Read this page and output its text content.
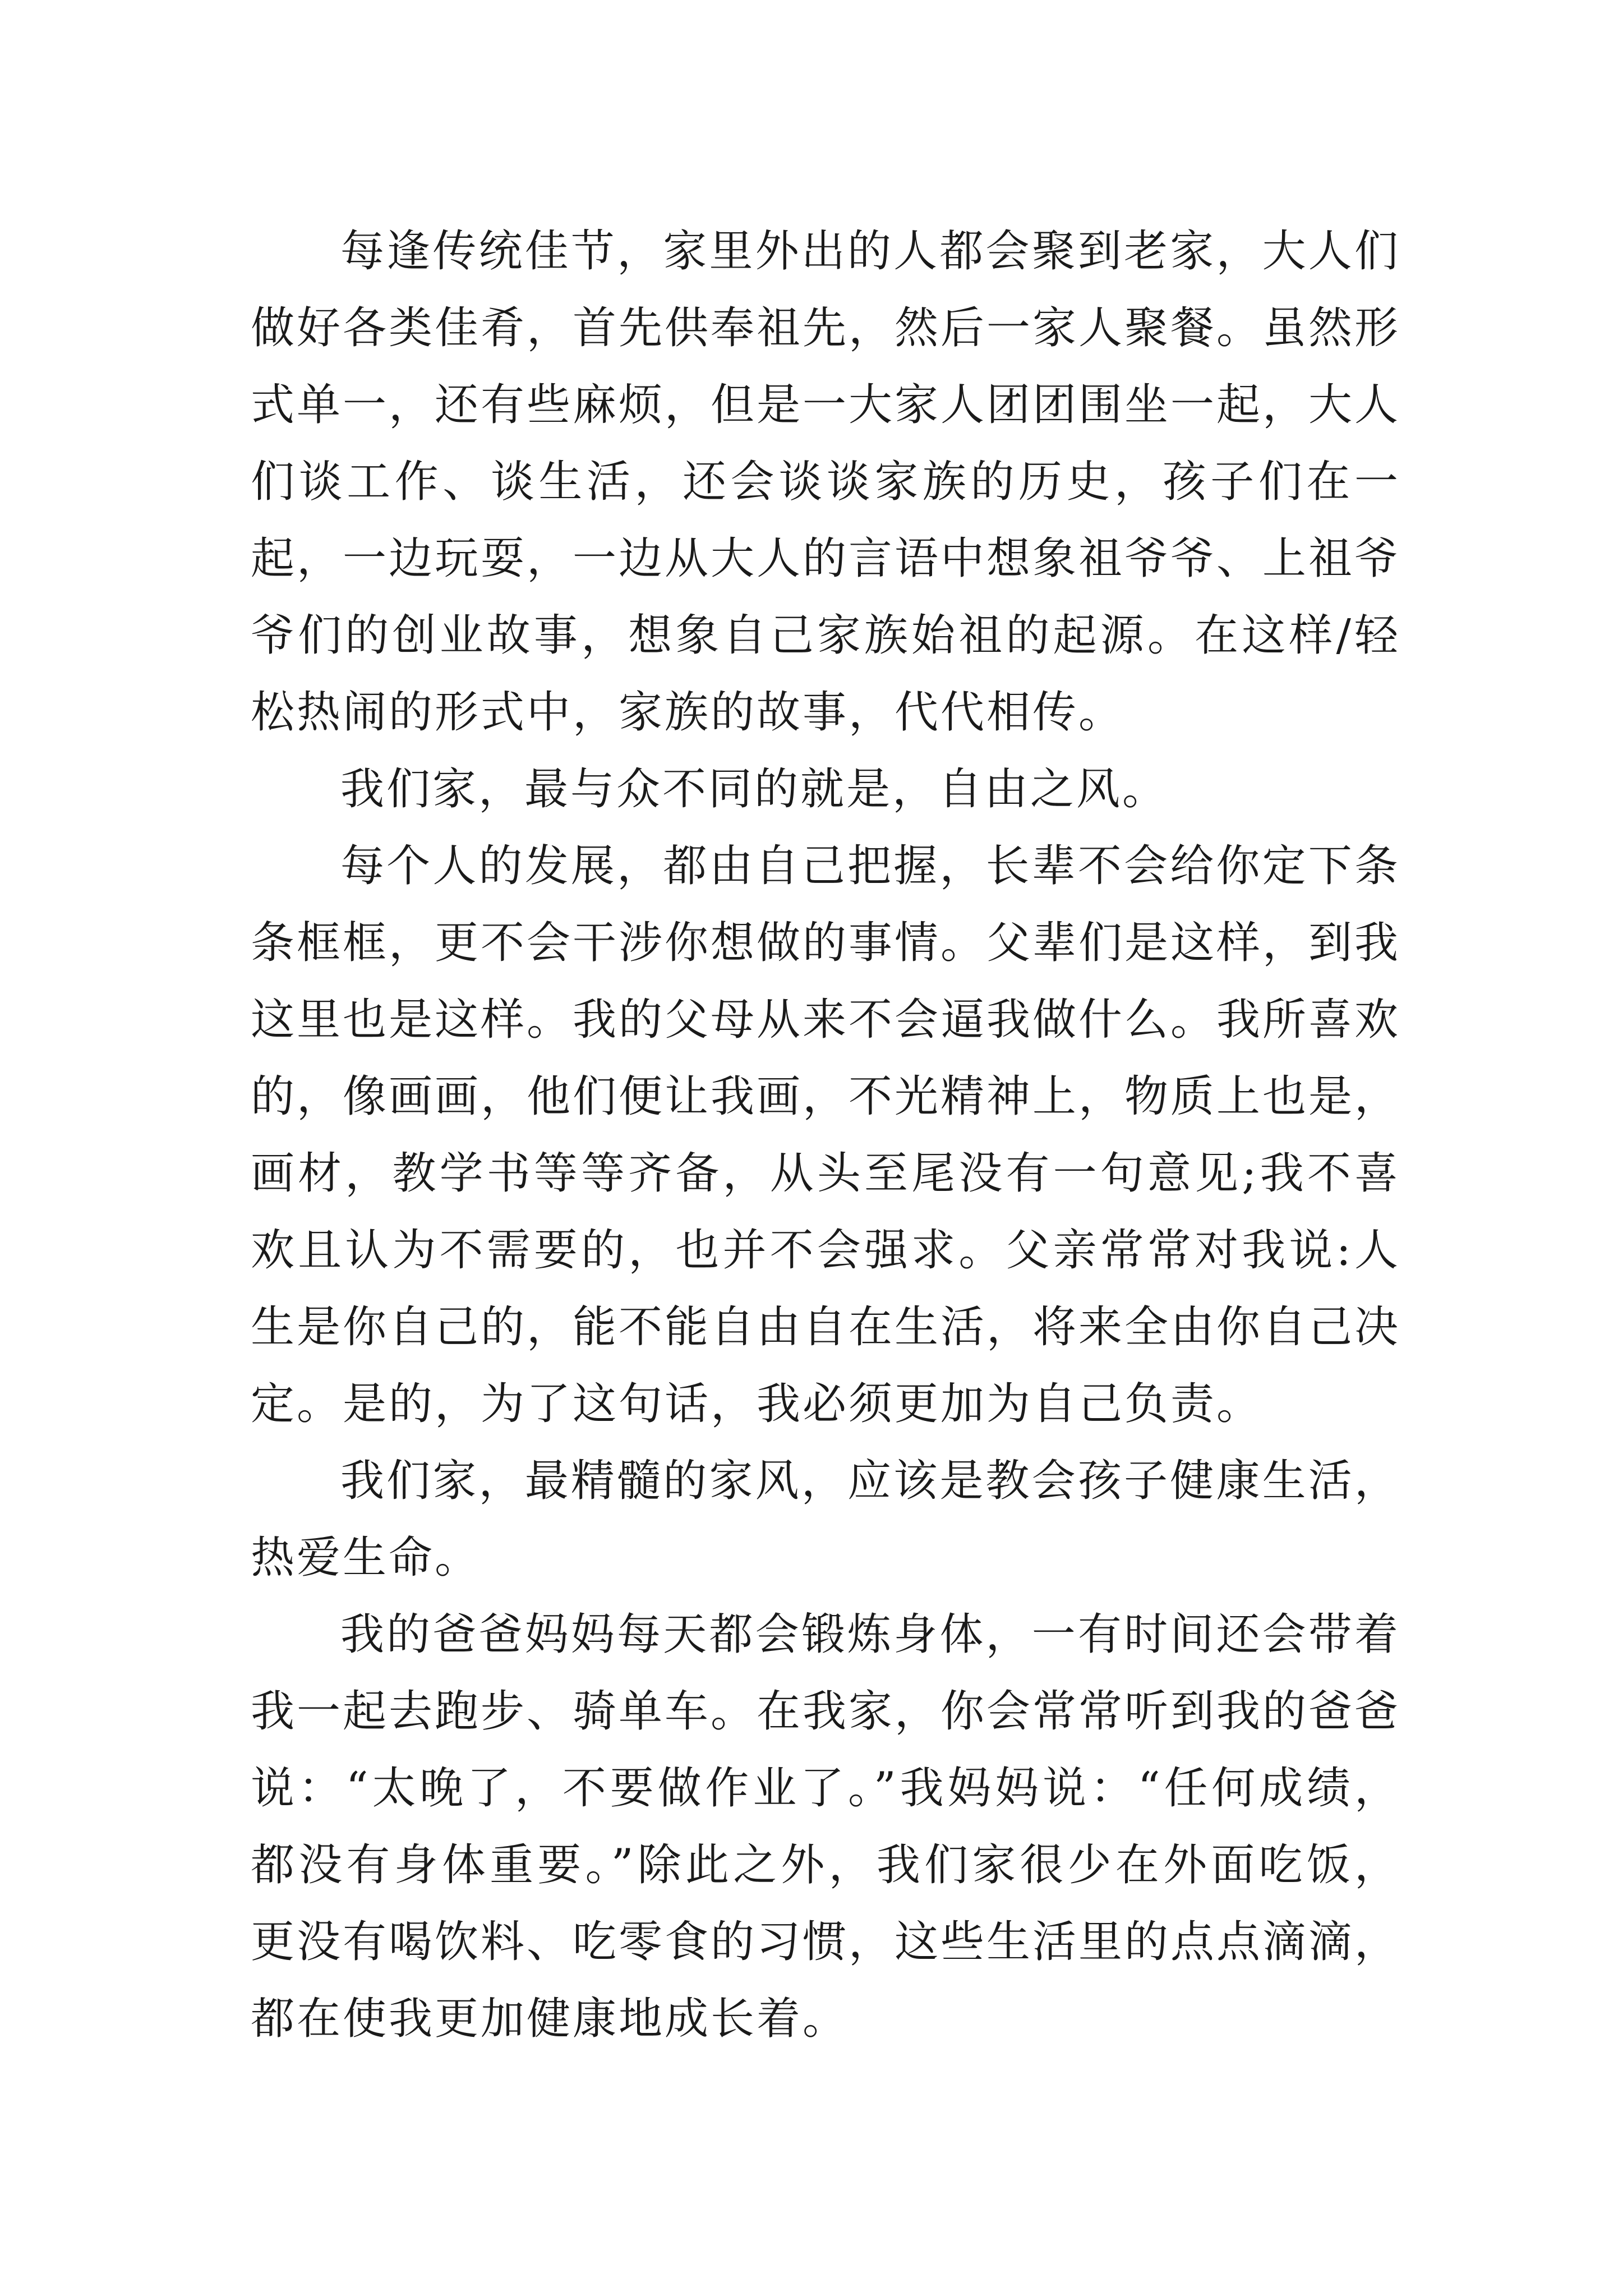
每逢传统佳节，家里外出的人都会聚到老家，大人们做好各类佳肴，首先供奉祖先，然后一家人聚餐。虽然形式单一，还有些麻烦，但是一大家人团团围坐一起，大人们谈工作、谈生活，还会谈谈家族的历史，孩子们在一起，一边玩耍，一边从大人的言语中想象祖爷爷、上祖爷爷们的创业故事，想象自己家族始祖的起源。在这样/轻松热闹的形式中，家族的故事，代代相传。

我们家，最与众不同的就是，自由之风。

每个人的发展，都由自己把握，长辈不会给你定下条条框框，更不会干涉你想做的事情。父辈们是这样，到我这里也是这样。我的父母从来不会逼我做什么。我所喜欢的，像画画，他们便让我画，不光精神上，物质上也是，画材，教学书等等齐备，从头至尾没有一句意见;我不喜欢且认为不需要的，也并不会强求。父亲常常对我说:人生是你自己的，能不能自由自在生活，将来全由你自己决定。是的，为了这句话，我必须更加为自己负责。

我们家，最精髓的家风，应该是教会孩子健康生活，热爱生命。

我的爸爸妈妈每天都会锻炼身体，一有时间还会带着我一起去跑步、骑单车。在我家，你会常常听到我的爸爸说：“太晚了，不要做作业了。”我妈妈说：“任何成绩，都没有身体重要。”除此之外，我们家很少在外面吃饭，更没有喝饮料、吃零食的习惯，这些生活里的点点滴滴，都在使我更加健康地成长着。
